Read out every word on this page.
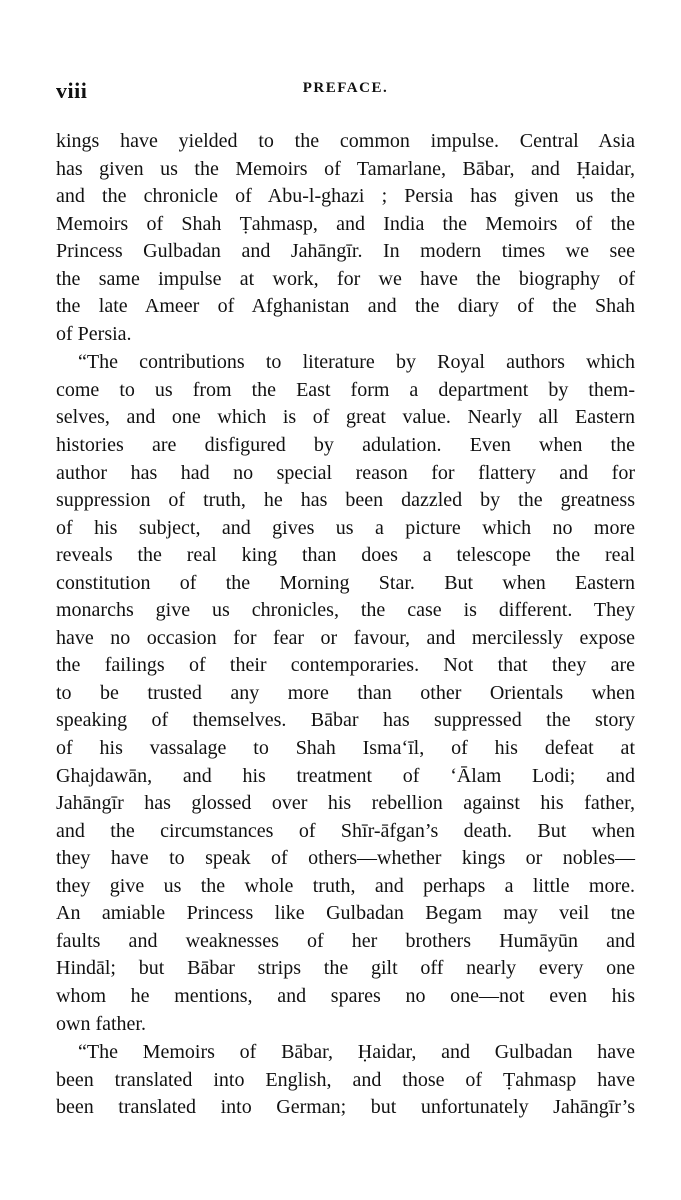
viii	PREFACE.
kings have yielded to the common impulse. Central Asia
has given us the Memoirs of Tamarlane, Bābar, and Ḥaidar,
and the chronicle of Abu-l-ghazi ; Persia has given us the
Memoirs of Shah Ṭahmasp, and India the Memoirs of the
Princess Gulbadan and Jahāngīr. In modern times we see
the same impulse at work, for we have the biography of
the late Ameer of Afghanistan and the diary of the Shah
of Persia.
“The contributions to literature by Royal authors which
come to us from the East form a department by them-
selves, and one which is of great value. Nearly all Eastern
histories are disfigured by adulation. Even when the
author has had no special reason for flattery and for
suppression of truth, he has been dazzled by the greatness
of his subject, and gives us a picture which no more
reveals the real king than does a telescope the real
constitution of the Morning Star. But when Eastern
monarchs give us chronicles, the case is different. They
have no occasion for fear or favour, and mercilessly expose
the failings of their contemporaries. Not that they are
to be trusted any more than other Orientals when
speaking of themselves. Bābar has suppressed the story
of his vassalage to Shah Isma‘īl, of his defeat at
Ghajdawān, and his treatment of ‘Ālam Lodi; and
Jahāngīr has glossed over his rebellion against his father,
and the circumstances of Shīr-āfgan’s death. But when
they have to speak of others—whether kings or nobles—
they give us the whole truth, and perhaps a little more.
An amiable Princess like Gulbadan Begam may veil tne
faults and weaknesses of her brothers Humāyūn and
Hindāl; but Bābar strips the gilt off nearly every one
whom he mentions, and spares no one—not even his
own father.
“The Memoirs of Bābar, Ḥaidar, and Gulbadan have
been translated into English, and those of Ṭahmasp have
been translated into German; but unfortunately Jahāngīr’s
